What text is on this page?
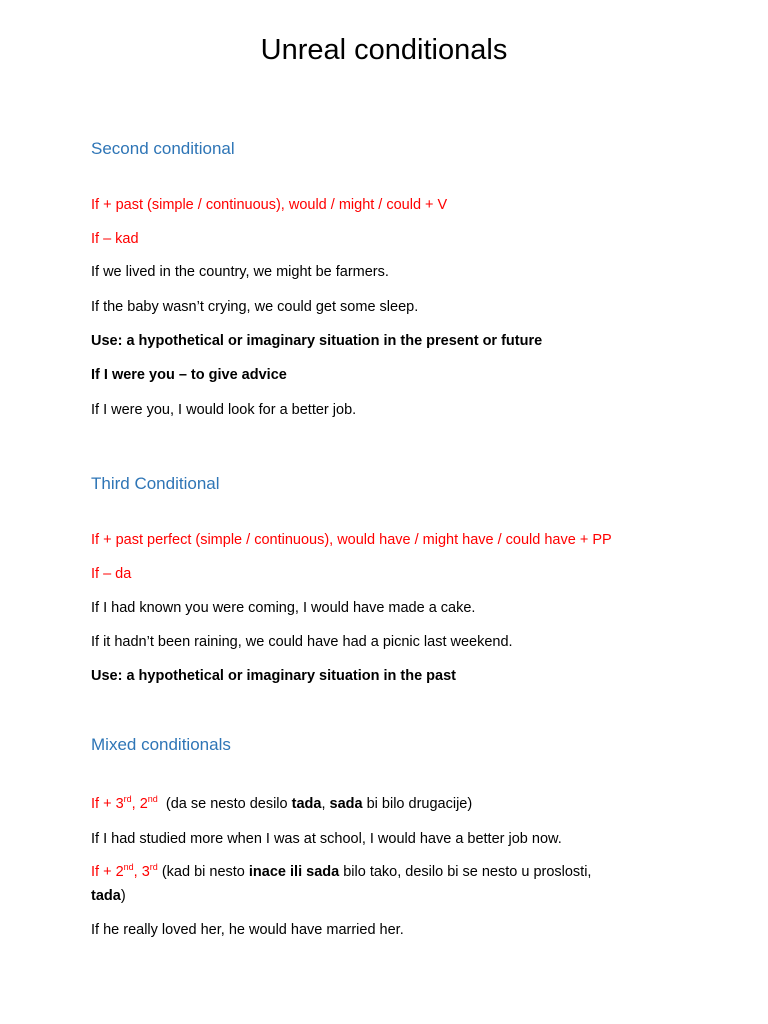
Unreal conditionals
Second conditional
If + past (simple / continuous), would / might / could + V
If – kad
If we lived in the country, we might be farmers.
If the baby wasn’t crying, we could get some sleep.
Use: a hypothetical or imaginary situation in the present or future
If I were you – to give advice
If I were you, I would look for a better job.
Third Conditional
If + past perfect (simple / continuous), would have / might have / could have + PP
If – da
If I had known you were coming, I would have made a cake.
If it hadn’t been raining, we could have had a picnic last weekend.
Use: a hypothetical or imaginary situation in the past
Mixed conditionals
If + 3rd, 2nd (da se nesto desilo tada, sada bi bilo drugacije)
If I had studied more when I was at school, I would have a better job now.
If + 2nd, 3rd (kad bi nesto inace ili sada bilo tako, desilo bi se nesto u proslosti,
tada)
If he really loved her, he would have married her.
